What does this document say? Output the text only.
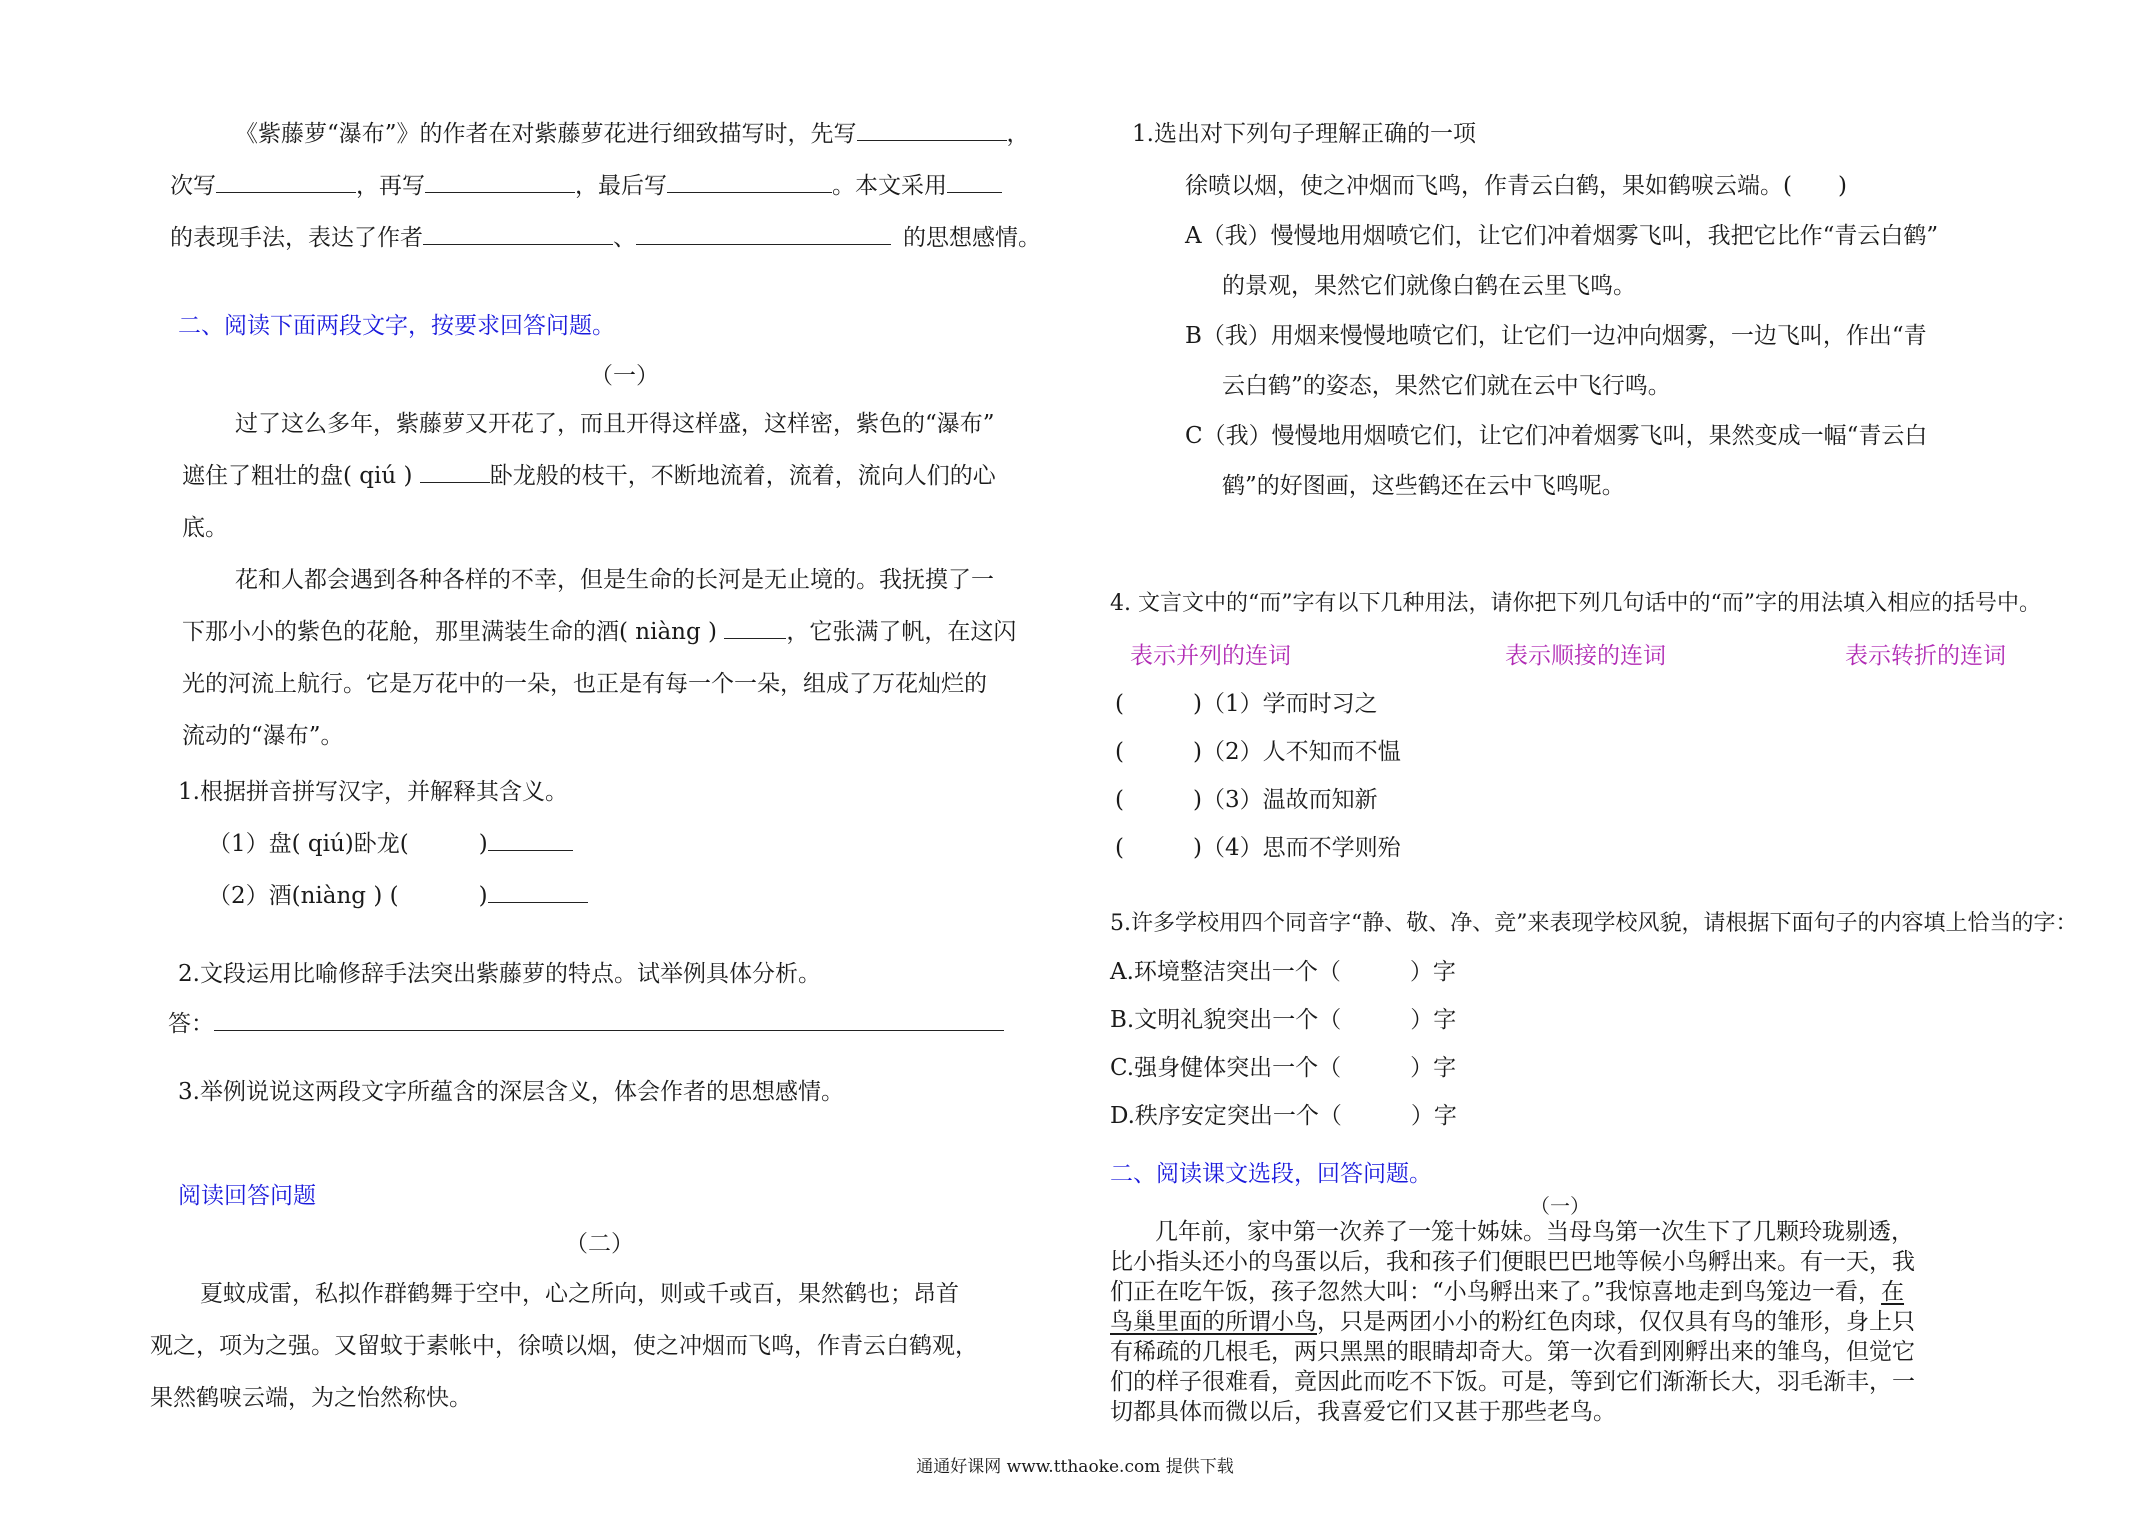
《紫藤萝“瀑布”》的作者在对紫藤萝花进行细致描写时，先写	，
次写	，再写	，最后写	。本文采用
的表现手法，表达了作者	、	的思想感情。
二、阅读下面两段文字，按要求回答问题。
（一）
过了这么多年，紫藤萝又开花了，而且开得这样盛，这样密，紫色的“瀑布”
遮住了粗壮的盘( qiú )	卧龙般的枝干，不断地流着，流着，流向人们的心
底。
花和人都会遇到各种各样的不幸，但是生命的长河是无止境的。我抚摸了一
下那小小的紫色的花舱，那里满装生命的酒( niàng )	，它张满了帆，在这闪
光的河流上航行。它是万花中的一朵，也正是有每一个一朵，组成了万花灿烂的
流动的“瀑布”。
1.根据拼音拼写汉字，并解释其含义。
（1）盘( qiú)卧龙(	)
（2）酒(niàng ) (	)
2.文段运用比喻修辞手法突出紫藤萝的特点。试举例具体分析。
答：
3.举例说说这两段文字所蕴含的深层含义，体会作者的思想感情。
阅读回答问题
（二）
夏蚊成雷，私拟作群鹤舞于空中，心之所向，则或千或百，果然鹤也；昂首
观之，项为之强。又留蚊于素帐中，徐喷以烟，使之冲烟而飞鸣，作青云白鹤观，
果然鹤唳云端，为之怡然称快。
1.选出对下列句子理解正确的一项
徐喷以烟，使之冲烟而飞鸣，作青云白鹤，果如鹤唳云端。(　　)
A（我）慢慢地用烟喷它们，让它们冲着烟雾飞叫，我把它比作“青云白鹤”
的景观，果然它们就像白鹤在云里飞鸣。
B（我）用烟来慢慢地喷它们，让它们一边冲向烟雾，一边飞叫，作出“青
云白鹤”的姿态，果然它们就在云中飞行鸣。
C（我）慢慢地用烟喷它们，让它们冲着烟雾飞叫，果然变成一幅“青云白
鹤”的好图画，这些鹤还在云中飞鸣呢。
4. 文言文中的“而”字有以下几种用法，请你把下列几句话中的“而”字的用法填入相应的括号中。
表示并列的连词	表示顺接的连词	表示转折的连词
(　　　)（1）学而时习之
(　　　)（2）人不知而不愠
(　　　)（3）温故而知新
(　　　)（4）思而不学则殆
5.许多学校用四个同音字“静、敬、净、竞”来表现学校风貌，请根据下面句子的内容填上恰当的字：
A.环境整洁突出一个（　　　）字
B.文明礼貌突出一个（　　　）字
C.强身健体突出一个（　　　）字
D.秩序安定突出一个（　　　）字
二、阅读课文选段，回答问题。
（一）
几年前，家中第一次养了一笼十姊妹。当母鸟第一次生下了几颗玲珑剔透，
比小指头还小的鸟蛋以后，我和孩子们便眼巴巴地等候小鸟孵出来。有一天，我
们正在吃午饭，孩子忽然大叫：“小鸟孵出来了。”我惊喜地走到鸟笼边一看，在
鸟巢里面的所谓小鸟，只是两团小小的粉红色肉球，仅仅具有鸟的雏形，身上只
有稀疏的几根毛，两只黑黑的眼睛却奇大。第一次看到刚孵出来的雏鸟，但觉它
们的样子很难看，竟因此而吃不下饭。可是，等到它们渐渐长大，羽毛渐丰，一
切都具体而微以后，我喜爱它们又甚于那些老鸟。
通通好课网 www.tthaoke.com 提供下载
